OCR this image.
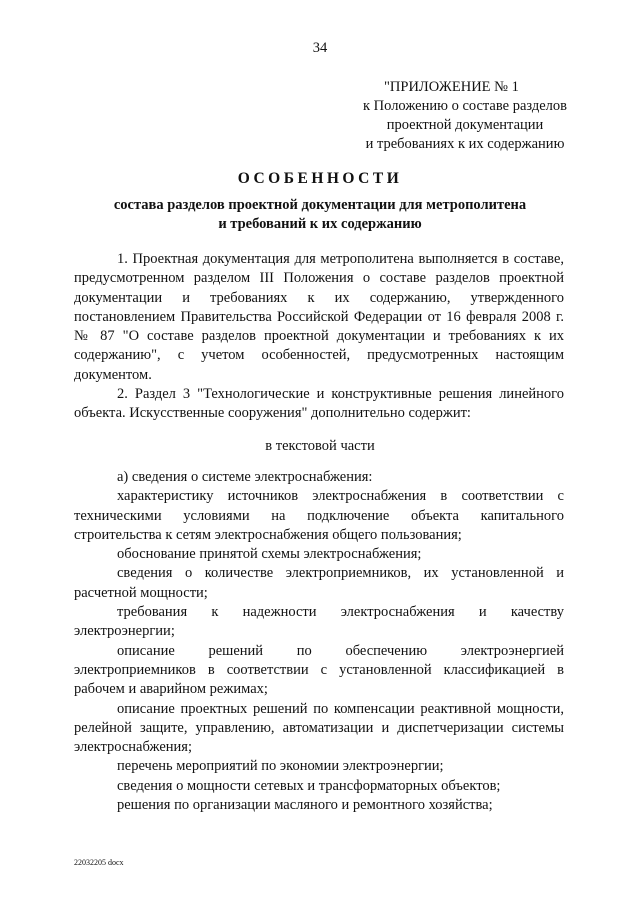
34
"ПРИЛОЖЕНИЕ № 1
к Положению о составе разделов
проектной документации
и требованиях к их содержанию
ОСОБЕННОСТИ
состава разделов проектной документации для метрополитена
и требований к их содержанию

1. Проектная документация для метрополитена выполняется в составе, предусмотренном разделом III Положения о составе разделов проектной документации и требованиях к их содержанию, утвержденного постановлением Правительства Российской Федерации от 16 февраля 2008 г. № 87 "О составе разделов проектной документации и требованиях к их содержанию", с учетом особенностей, предусмотренных настоящим документом.

2. Раздел 3 "Технологические и конструктивные решения линейного объекта. Искусственные сооружения" дополнительно содержит:

в текстовой части

а) сведения о системе электроснабжения:

характеристику источников электроснабжения в соответствии с техническими условиями на подключение объекта капитального строительства к сетям электроснабжения общего пользования;

обоснование принятой схемы электроснабжения;

сведения о количестве электроприемников, их установленной и расчетной мощности;

требования к надежности электроснабжения и качеству электроэнергии;

описание решений по обеспечению электроэнергией электроприемников в соответствии с установленной классификацией в рабочем и аварийном режимах;

описание проектных решений по компенсации реактивной мощности, релейной защите, управлению, автоматизации и диспетчеризации системы электроснабжения;

перечень мероприятий по экономии электроэнергии;

сведения о мощности сетевых и трансформаторных объектов;

решения по организации масляного и ремонтного хозяйства;

22032205 docx
